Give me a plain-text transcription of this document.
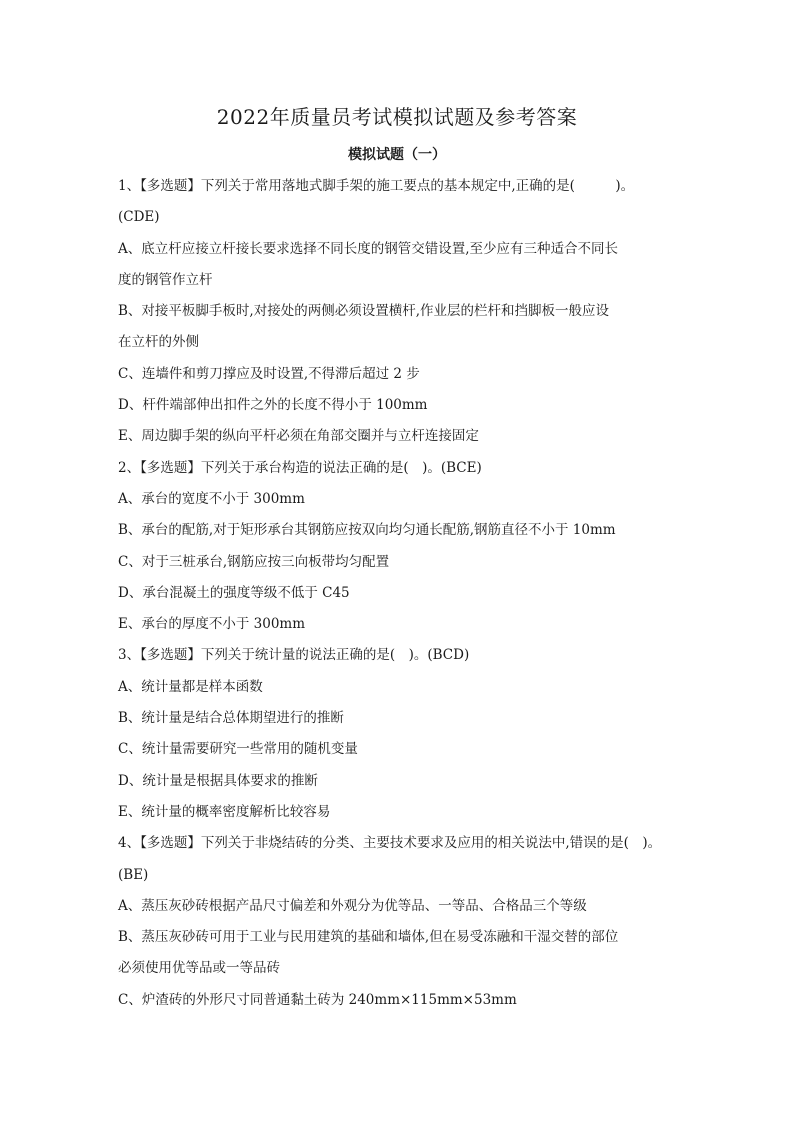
2022年质量员考试模拟试题及参考答案
模拟试题（一）
1、【多选题】下列关于常用落地式脚手架的施工要点的基本规定中,正确的是(　　　)。
(CDE)
A、底立杆应接立杆接长要求选择不同长度的钢管交错设置,至少应有三种适合不同长
度的钢管作立杆
B、对接平板脚手板时,对接处的两侧必须设置横杆,作业层的栏杆和挡脚板一般应设
在立杆的外侧
C、连墙件和剪刀撑应及时设置,不得滞后超过 2 步
D、杆件端部伸出扣件之外的长度不得小于 100mm
E、周边脚手架的纵向平杆必须在角部交圈并与立杆连接固定
2、【多选题】下列关于承台构造的说法正确的是(　)。(BCE)
A、承台的宽度不小于 300mm
B、承台的配筋,对于矩形承台其钢筋应按双向均匀通长配筋,钢筋直径不小于 10mm
C、对于三桩承台,钢筋应按三向板带均匀配置
D、承台混凝土的强度等级不低于 C45
E、承台的厚度不小于 300mm
3、【多选题】下列关于统计量的说法正确的是(　)。(BCD)
A、统计量都是样本函数
B、统计量是结合总体期望进行的推断
C、统计量需要研究一些常用的随机变量
D、统计量是根据具体要求的推断
E、统计量的概率密度解析比较容易
4、【多选题】下列关于非烧结砖的分类、主要技术要求及应用的相关说法中,错误的是(　)。
(BE)
A、蒸压灰砂砖根据产品尺寸偏差和外观分为优等品、一等品、合格品三个等级
B、蒸压灰砂砖可用于工业与民用建筑的基础和墙体,但在易受冻融和干湿交替的部位
必须使用优等品或一等品砖
C、炉渣砖的外形尺寸同普通黏土砖为 240mm×115mm×53mm
